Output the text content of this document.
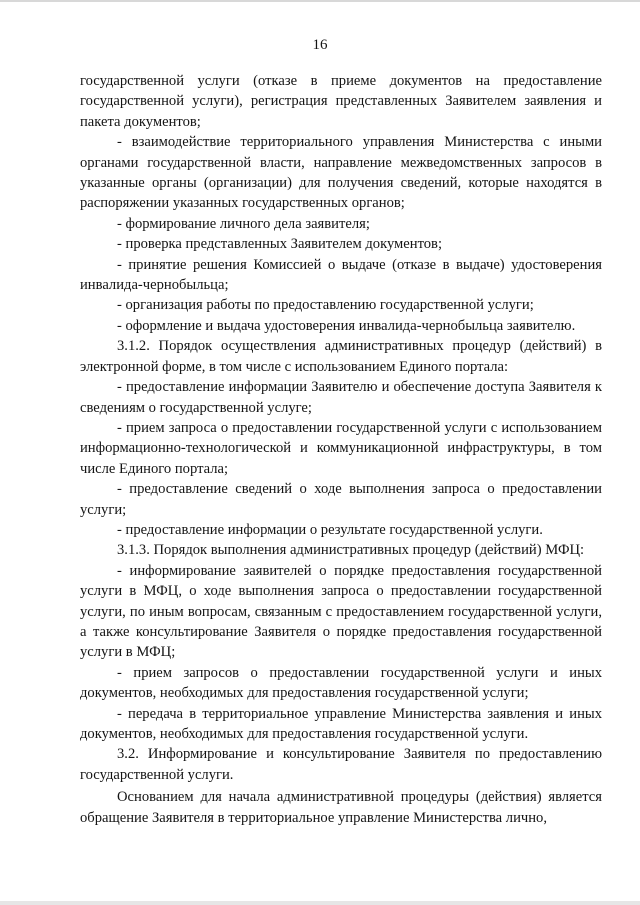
16

государственной услуги (отказе в приеме документов на предоставление государственной услуги), регистрация представленных Заявителем заявления и пакета документов;

- взаимодействие территориального управления Министерства с иными органами государственной власти, направление межведомственных запросов в указанные органы (организации) для получения сведений, которые находятся в распоряжении указанных государственных органов;

- формирование личного дела заявителя;

- проверка представленных Заявителем документов;

- принятие решения Комиссией о выдаче (отказе в выдаче) удостоверения инвалида-чернобыльца;

- организация работы по предоставлению государственной услуги;

- оформление и выдача удостоверения инвалида-чернобыльца заявителю.

3.1.2. Порядок осуществления административных процедур (действий) в электронной форме, в том числе с использованием Единого портала:

- предоставление информации Заявителю и обеспечение доступа Заявителя к сведениям о государственной услуге;

- прием запроса о предоставлении государственной услуги с использованием информационно-технологической и коммуникационной инфраструктуры, в том числе Единого портала;

- предоставление сведений о ходе выполнения запроса о предоставлении услуги;

- предоставление информации о результате государственной услуги.

3.1.3. Порядок выполнения административных процедур (действий) МФЦ:

- информирование заявителей о порядке предоставления государственной услуги в МФЦ, о ходе выполнения запроса о предоставлении государственной услуги, по иным вопросам, связанным с предоставлением государственной услуги, а также консультирование Заявителя о порядке предоставления государственной услуги в МФЦ;

- прием запросов о предоставлении государственной услуги и иных документов, необходимых для предоставления государственной услуги;

- передача в территориальное управление Министерства заявления и иных документов, необходимых для предоставления государственной услуги.

3.2. Информирование и консультирование Заявителя по предоставлению государственной услуги.

Основанием для начала административной процедуры (действия) является обращение Заявителя в территориальное управление Министерства лично,
